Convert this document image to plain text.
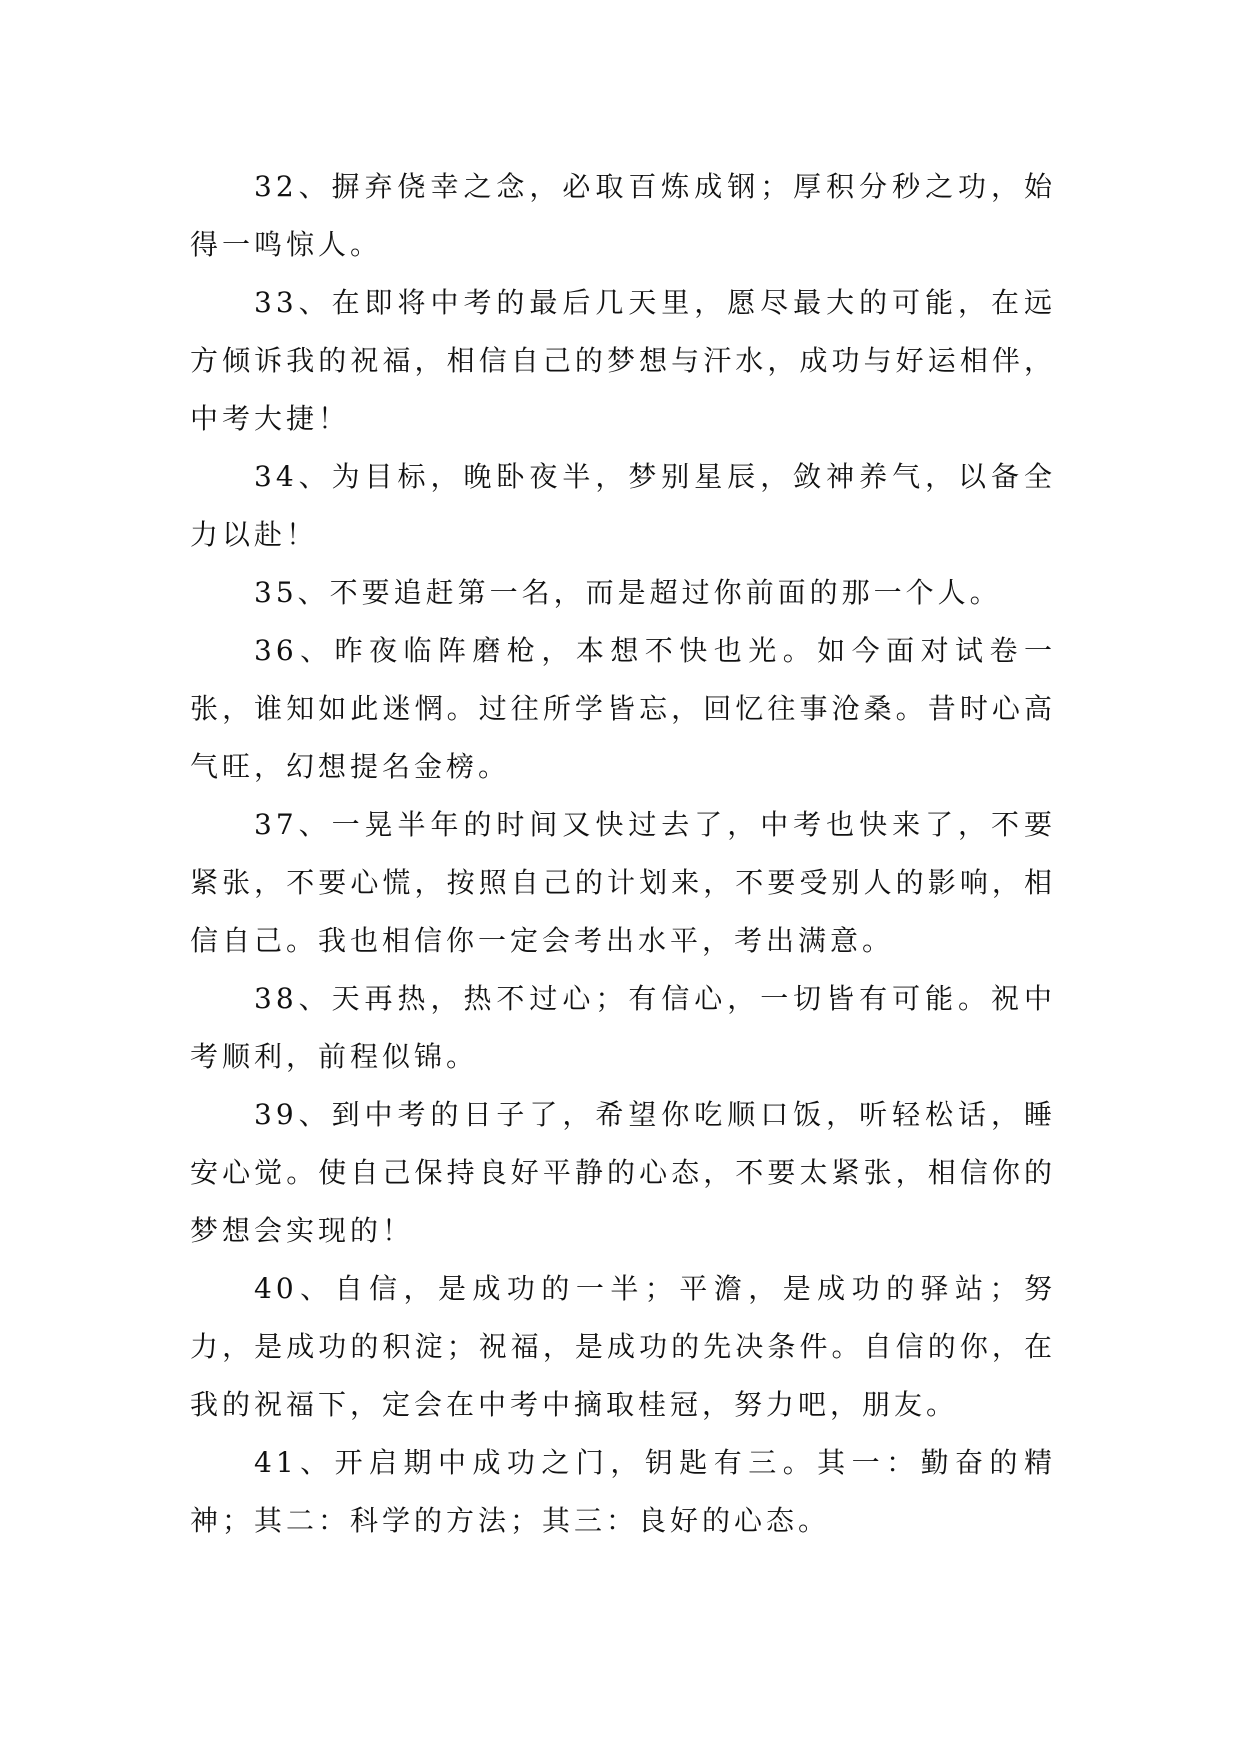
32、摒弃侥幸之念，必取百炼成钢；厚积分秒之功，始得一鸣惊人。

33、在即将中考的最后几天里，愿尽最大的可能，在远方倾诉我的祝福，相信自己的梦想与汗水，成功与好运相伴，中考大捷！

34、为目标，晚卧夜半，梦别星辰，敛神养气，以备全力以赴！

35、不要追赶第一名，而是超过你前面的那一个人。

36、昨夜临阵磨枪，本想不快也光。如今面对试卷一张，谁知如此迷惘。过往所学皆忘，回忆往事沧桑。昔时心高气旺，幻想提名金榜。

37、一晃半年的时间又快过去了，中考也快来了，不要紧张，不要心慌，按照自己的计划来，不要受别人的影响，相信自己。我也相信你一定会考出水平，考出满意。

38、天再热，热不过心；有信心，一切皆有可能。祝中考顺利，前程似锦。

39、到中考的日子了，希望你吃顺口饭，听轻松话，睡安心觉。使自己保持良好平静的心态，不要太紧张，相信你的梦想会实现的！

40、自信，是成功的一半；平澹，是成功的驿站；努力，是成功的积淀；祝福，是成功的先决条件。自信的你，在我的祝福下，定会在中考中摘取桂冠，努力吧，朋友。

41、开启期中成功之门，钥匙有三。其一：勤奋的精神；其二：科学的方法；其三：良好的心态。
